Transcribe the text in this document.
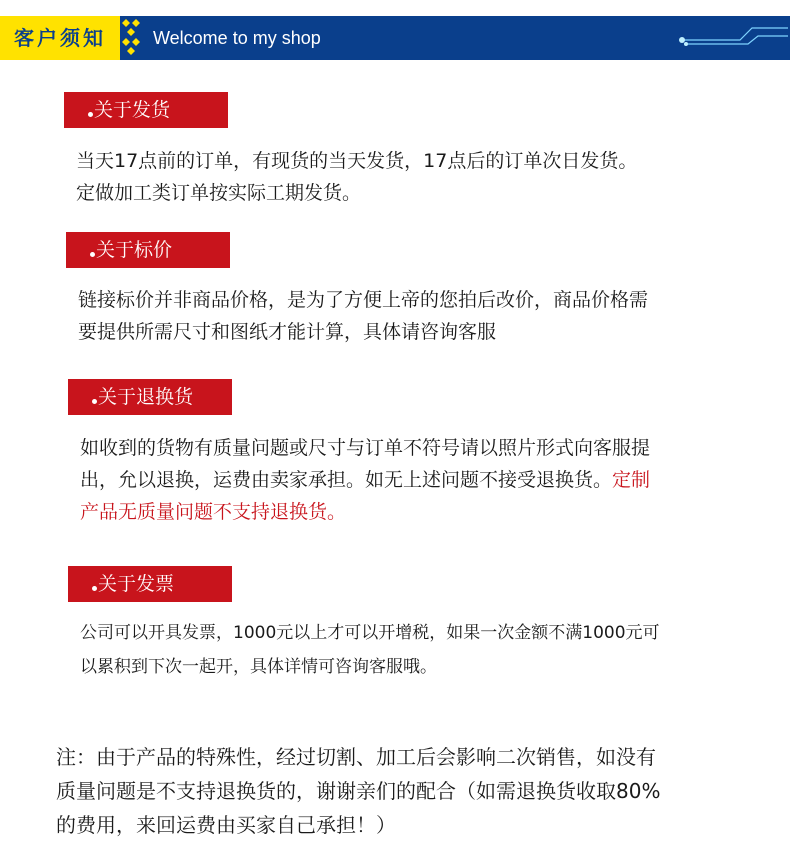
客户须知	Welcome to my shop
关于发货
当天17点前的订单，有现货的当天发货，17点后的订单次日发货。
定做加工类订单按实际工期发货。
关于标价
链接标价并非商品价格，是为了方便上帝的您拍后改价，商品价格需
要提供所需尺寸和图纸才能计算，具体请咨询客服
关于退换货
如收到的货物有质量问题或尺寸与订单不符号请以照片形式向客服提
出，允以退换，运费由卖家承担。如无上述问题不接受退换货。定制
产品无质量问题不支持退换货。
关于发票
公司可以开具发票，1000元以上才可以开增税，如果一次金额不满1000元可
以累积到下次一起开，具体详情可咨询客服哦。
注：由于产品的特殊性，经过切割、加工后会影响二次销售，如没有
质量问题是不支持退换货的，谢谢亲们的配合（如需退换货收取80%
的费用，来回运费由买家自己承担！）
